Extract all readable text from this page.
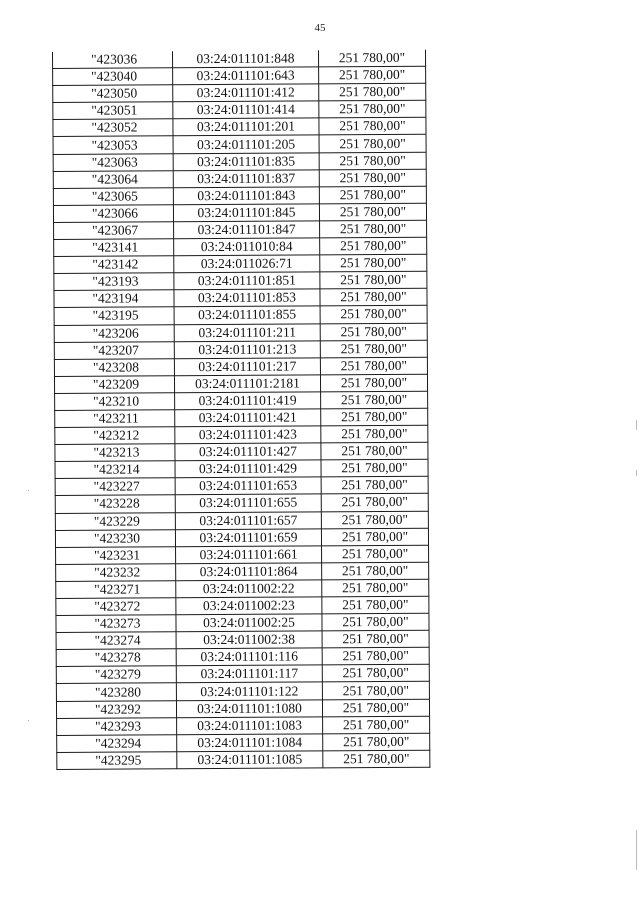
45
"423036	03:24:011101:848	251 780,00"
"423040	03:24:011101:643	251 780,00"
"423050	03:24:011101:412	251 780,00"
"423051	03:24:011101:414	251 780,00"
"423052	03:24:011101:201	251 780,00"
"423053	03:24:011101:205	251 780,00"
"423063	03:24:011101:835	251 780,00"
"423064	03:24:011101:837	251 780,00"
"423065	03:24:011101:843	251 780,00"
"423066	03:24:011101:845	251 780,00"
"423067	03:24:011101:847	251 780,00"
"423141	03:24:011010:84	251 780,00"
"423142	03:24:011026:71	251 780,00"
"423193	03:24:011101:851	251 780,00"
"423194	03:24:011101:853	251 780,00"
"423195	03:24:011101:855	251 780,00"
"423206	03:24:011101:211	251 780,00"
"423207	03:24:011101:213	251 780,00"
"423208	03:24:011101:217	251 780,00"
"423209	03:24:011101:2181	251 780,00"
"423210	03:24:011101:419	251 780,00"
"423211	03:24:011101:421	251 780,00"
"423212	03:24:011101:423	251 780,00"
"423213	03:24:011101:427	251 780,00"
"423214	03:24:011101:429	251 780,00"
"423227	03:24:011101:653	251 780,00"
"423228	03:24:011101:655	251 780,00"
"423229	03:24:011101:657	251 780,00"
"423230	03:24:011101:659	251 780,00"
"423231	03:24:011101:661	251 780,00"
"423232	03:24:011101:864	251 780,00"
"423271	03:24:011002:22	251 780,00"
"423272	03:24:011002:23	251 780,00"
"423273	03:24:011002:25	251 780,00"
"423274	03:24:011002:38	251 780,00"
"423278	03:24:011101:116	251 780,00"
"423279	03:24:011101:117	251 780,00"
"423280	03:24:011101:122	251 780,00"
"423292	03:24:011101:1080	251 780,00"
"423293	03:24:011101:1083	251 780,00"
"423294	03:24:011101:1084	251 780,00"
"423295	03:24:011101:1085	251 780,00"
